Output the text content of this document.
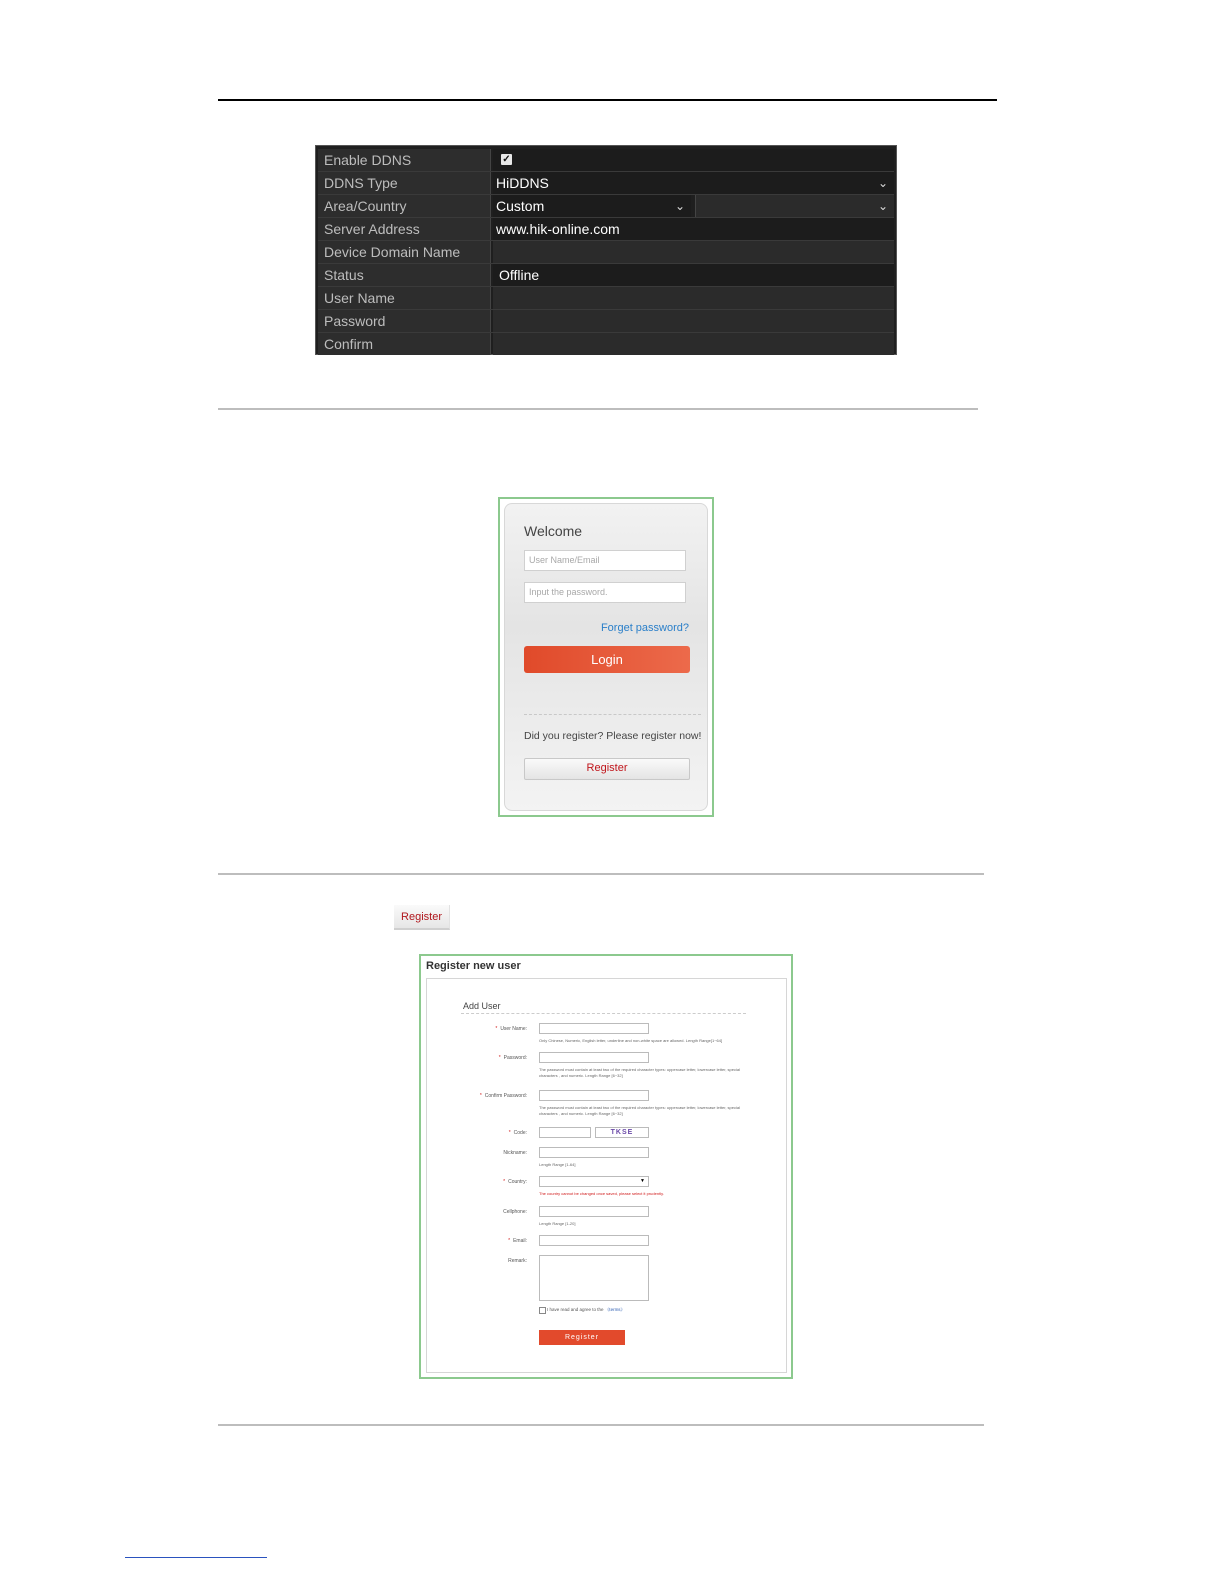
Enable DDNS	✓
DDNS Type	HiDDNS	⌄
Area/Country	Custom	⌄	⌄
Server Address	www.hik-online.com
Device Domain Name
Status	Offline
User Name
Password
Confirm
Welcome
User Name/Email
Input the password.
Forget password?
Login
Did you register? Please register now!
Register
Register
Register new user
Add User
* User Name:
Only Chinese, Numeric, English letter, underline and non-white space are allowed. Length Range[1~64]
* Password:
The password must contain at least two of the required character types: uppercase letter, lowercase letter, special characters , and numeric. Length Range [6~32]
* Confirm Password:
The password must contain at least two of the required character types: uppercase letter, lowercase letter, special characters , and numeric. Length Range [6~32]
* Code:	TKSE
Nickname:
Length Range [1-64]
* Country:	▼
The country cannot be changed once saved, please select it prudently.
Cellphone:
Length Range [1-20]
* Email:
Remark:
I have read and agree to the 《terms》
Register
